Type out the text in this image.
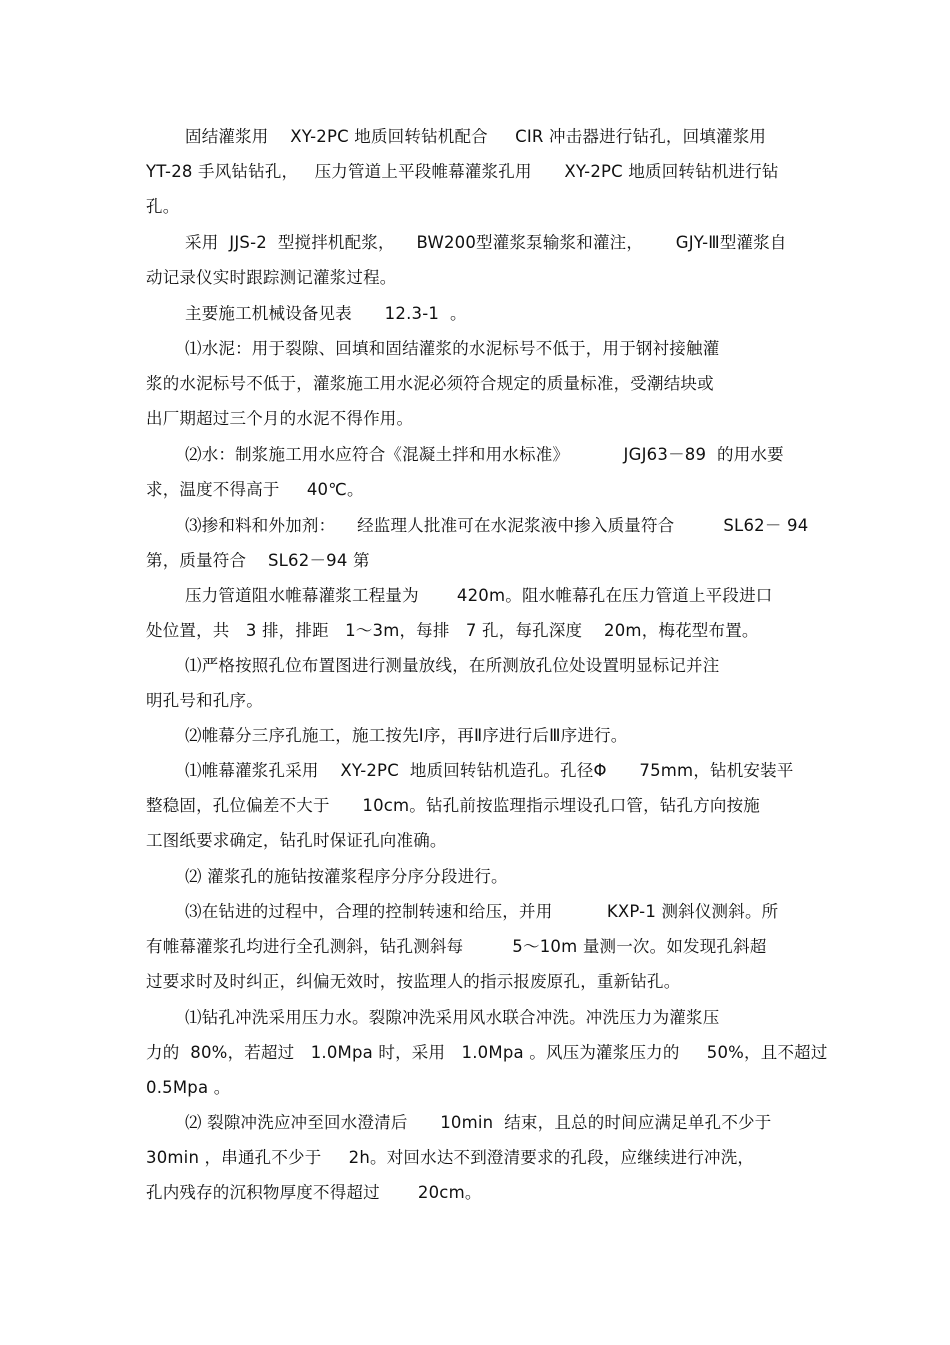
固结灌浆用    XY-2PC 地质回转钻机配合     CIR 冲击器进行钻孔，回填灌浆用
YT-28 手风钻钻孔，   压力管道上平段帷幕灌浆孔用      XY-2PC 地质回转钻机进行钻
孔。
采用  JJS-2  型搅拌机配浆，    BW200型灌浆泵输浆和灌注，      GJY-Ⅲ型灌浆自
动记录仪实时跟踪测记灌浆过程。
主要施工机械设备见表      12.3-1  。
⑴水泥：用于裂隙、回填和固结灌浆的水泥标号不低于，用于钢衬接触灌
浆的水泥标号不低于，灌浆施工用水泥必须符合规定的质量标准，受潮结块或
出厂期超过三个月的水泥不得作用。
⑵水：制浆施工用水应符合《混凝土拌和用水标准》          JGJ63－89  的用水要
求，温度不得高于     40℃。
⑶掺和料和外加剂：    经监理人批准可在水泥浆液中掺入质量符合         SL62－ 94
第，质量符合    SL62－94 第
压力管道阻水帷幕灌浆工程量为       420m。阻水帷幕孔在压力管道上平段进口
处位置，共   3 排，排距   1～3m，每排   7 孔，每孔深度    20m，梅花型布置。
⑴严格按照孔位布置图进行测量放线，在所测放孔位处设置明显标记并注
明孔号和孔序。
⑵帷幕分三序孔施工，施工按先Ⅰ序，再Ⅱ序进行后Ⅲ序进行。
⑴帷幕灌浆孔采用    XY-2PC  地质回转钻机造孔。孔径Φ      75mm，钻机安装平
整稳固，孔位偏差不大于      10cm。钻孔前按监理指示埋设孔口管，钻孔方向按施
工图纸要求确定，钻孔时保证孔向准确。
⑵ 灌浆孔的施钻按灌浆程序分序分段进行。
⑶在钻进的过程中，合理的控制转速和给压，并用          KXP-1 测斜仪测斜。所
有帷幕灌浆孔均进行全孔测斜，钻孔测斜每         5～10m 量测一次。如发现孔斜超
过要求时及时纠正，纠偏无效时，按监理人的指示报废原孔，重新钻孔。
⑴钻孔冲洗采用压力水。裂隙冲洗采用风水联合冲洗。冲洗压力为灌浆压
力的  80%，若超过   1.0Mpa 时，采用   1.0Mpa 。风压为灌浆压力的     50%，且不超过
0.5Mpa 。
⑵ 裂隙冲洗应冲至回水澄清后      10min  结束，且总的时间应满足单孔不少于
30min ，串通孔不少于     2h。对回水达不到澄清要求的孔段，应继续进行冲洗，
孔内残存的沉积物厚度不得超过       20cm。
